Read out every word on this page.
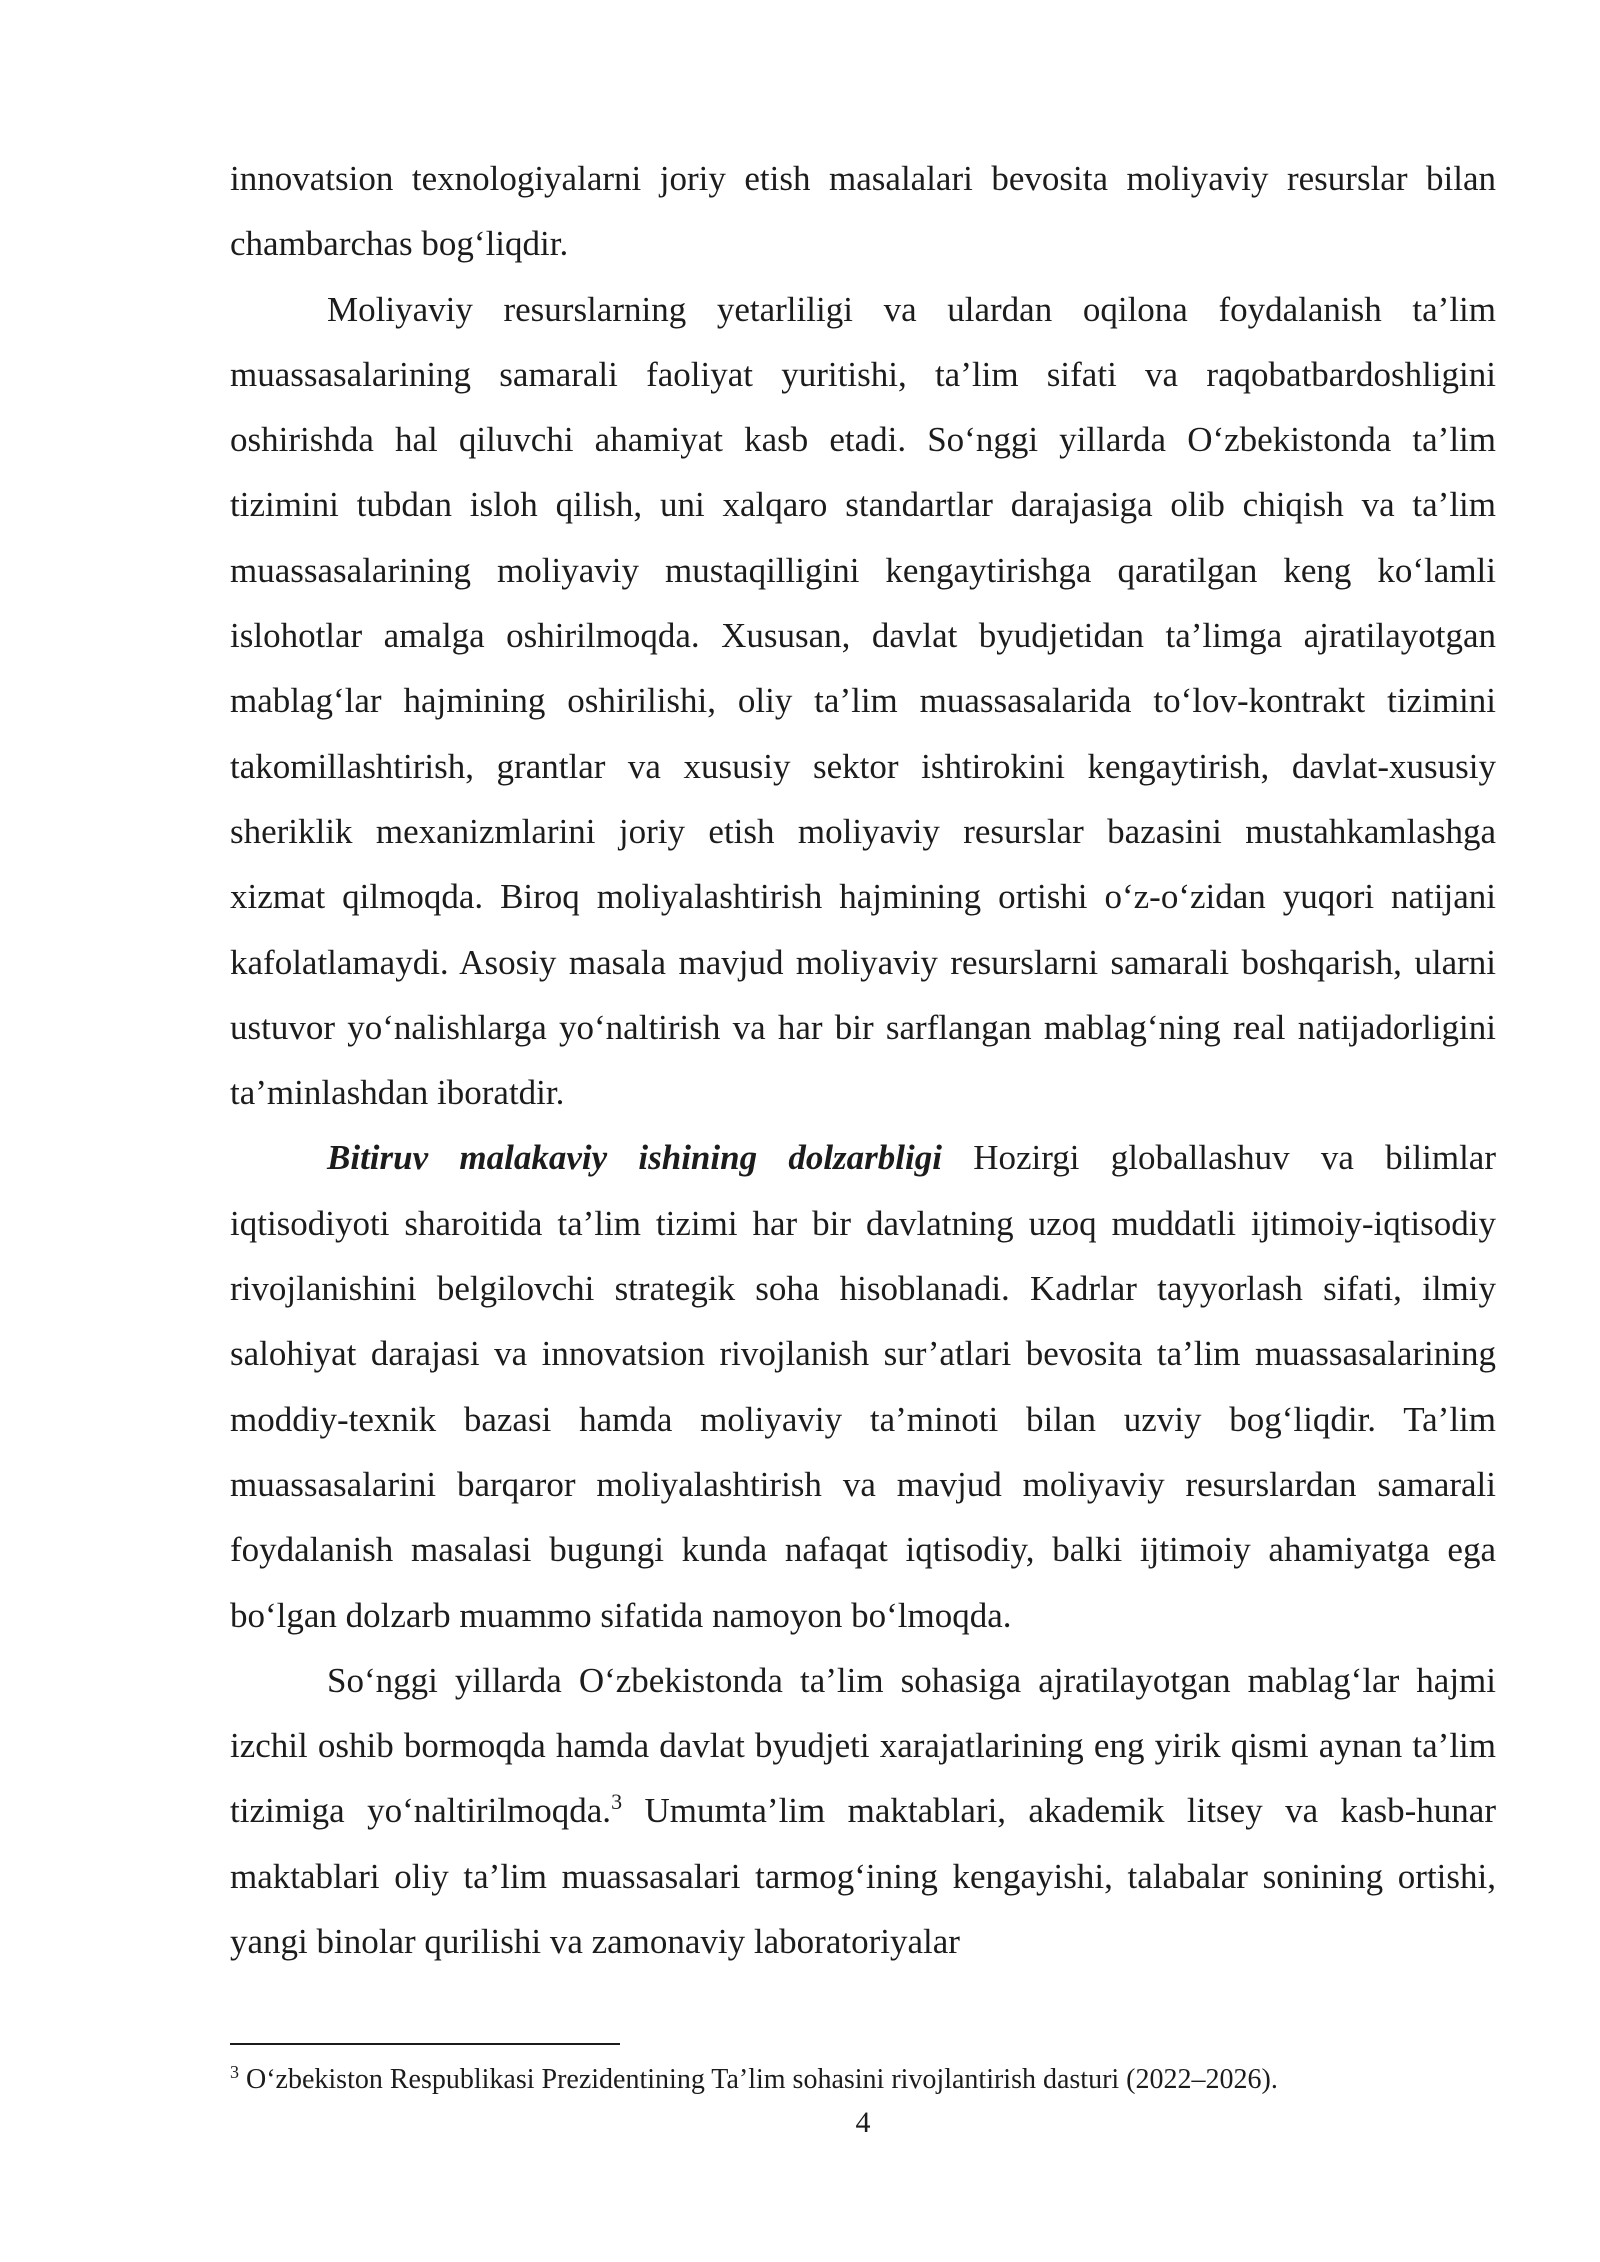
innovatsion texnologiyalarni joriy etish masalalari bevosita moliyaviy resurslar bilan chambarchas bog‘liqdir.

Moliyaviy resurslarning yetarliligi va ulardan oqilona foydalanish ta’lim muassasalarining samarali faoliyat yuritishi, ta’lim sifati va raqobatbardoshligini oshirishda hal qiluvchi ahamiyat kasb etadi. So‘nggi yillarda O‘zbekistonda ta’lim tizimini tubdan isloh qilish, uni xalqaro standartlar darajasiga olib chiqish va ta’lim muassasalarining moliyaviy mustaqilligini kengaytirishga qaratilgan keng ko‘lamli islohotlar amalga oshirilmoqda. Xususan, davlat byudjetidan ta’limga ajratilayotgan mablag‘lar hajmining oshirilishi, oliy ta’lim muassasalarida to‘lov-kontrakt tizimini takomillashtirish, grantlar va xususiy sektor ishtirokini kengaytirish, davlat-xususiy sheriklik mexanizmlarini joriy etish moliyaviy resurslar bazasini mustahkamlashga xizmat qilmoqda. Biroq moliyalashtirish hajmining ortishi o‘z-o‘zidan yuqori natijani kafolatlamaydi. Asosiy masala mavjud moliyaviy resurslarni samarali boshqarish, ularni ustuvor yo‘nalishlarga yo‘naltirish va har bir sarflangan mablag‘ning real natijadorligini ta’minlashdan iboratdir.

Bitiruv malakaviy ishining dolzarbligi Hozirgi globallashuv va bilimlar iqtisodiyoti sharoitida ta’lim tizimi har bir davlatning uzoq muddatli ijtimoiy-iqtisodiy rivojlanishini belgilovchi strategik soha hisoblanadi. Kadrlar tayyorlash sifati, ilmiy salohiyat darajasi va innovatsion rivojlanish sur’atlari bevosita ta’lim muassasalarining moddiy-texnik bazasi hamda moliyaviy ta’minoti bilan uzviy bog‘liqdir. Ta’lim muassasalarini barqaror moliyalashtirish va mavjud moliyaviy resurslardan samarali foydalanish masalasi bugungi kunda nafaqat iqtisodiy, balki ijtimoiy ahamiyatga ega bo‘lgan dolzarb muammo sifatida namoyon bo‘lmoqda.

So‘nggi yillarda O‘zbekistonda ta’lim sohasiga ajratilayotgan mablag‘lar hajmi izchil oshib bormoqda hamda davlat byudjeti xarajatlarining eng yirik qismi aynan ta’lim tizimiga yo‘naltirilmoqda.$^3$ Umumta’lim maktablari, akademik litsey va kasb-hunar maktablari oliy ta’lim muassasalari tarmog‘ining kengayishi, talabalar sonining ortishi, yangi binolar qurilishi va zamonaviy laboratoriyalar

$^3$ O‘zbekiston Respublikasi Prezidentining Ta’lim sohasini rivojlantirish dasturi (2022–2026).
4
